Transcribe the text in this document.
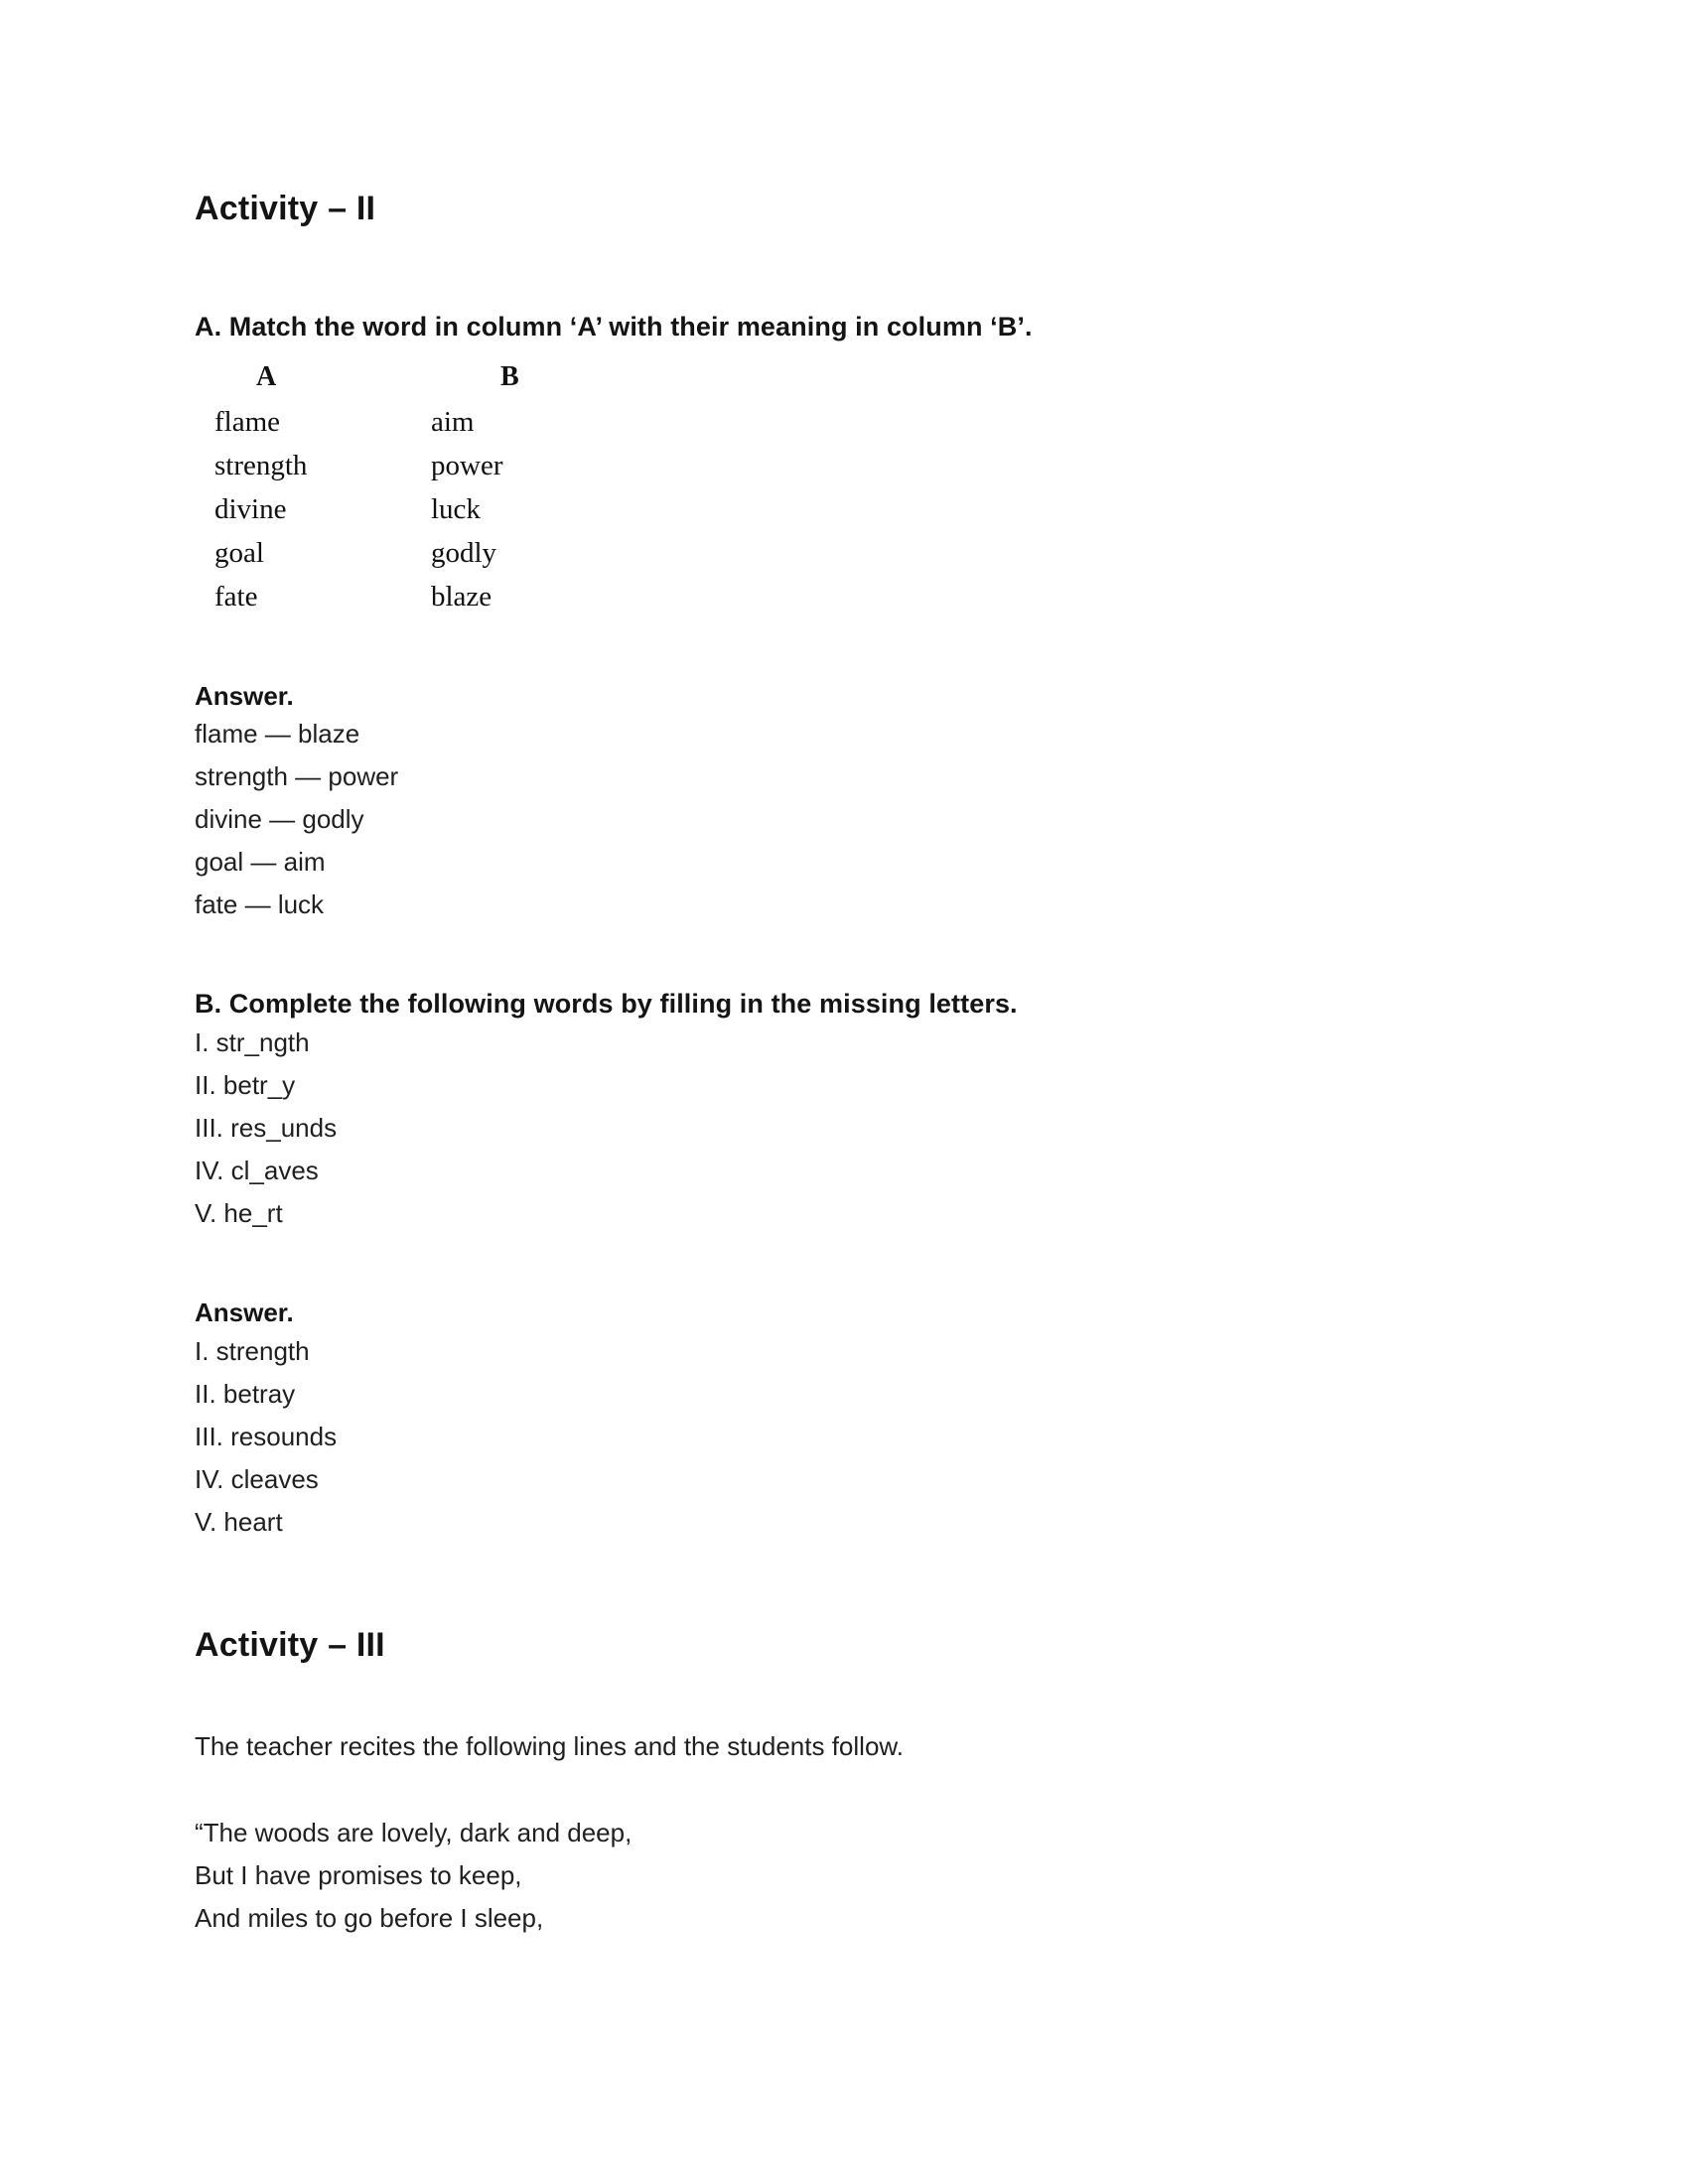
Activity – II
A. Match the word in column ‘A’ with their meaning in column ‘B’.
A	B
flame	aim
strength	power
divine	luck
goal	godly
fate	blaze
Answer.
flame — blaze
strength — power
divine — godly
goal — aim
fate — luck
B. Complete the following words by filling in the missing letters.
I. str_ngth
II. betr_y
III. res_unds
IV. cl_aves
V. he_rt
Answer.
I. strength
II. betray
III. resounds
IV. cleaves
V. heart
Activity – III

The teacher recites the following lines and the students follow.

“The woods are lovely, dark and deep,
But I have promises to keep,
And miles to go before I sleep,
